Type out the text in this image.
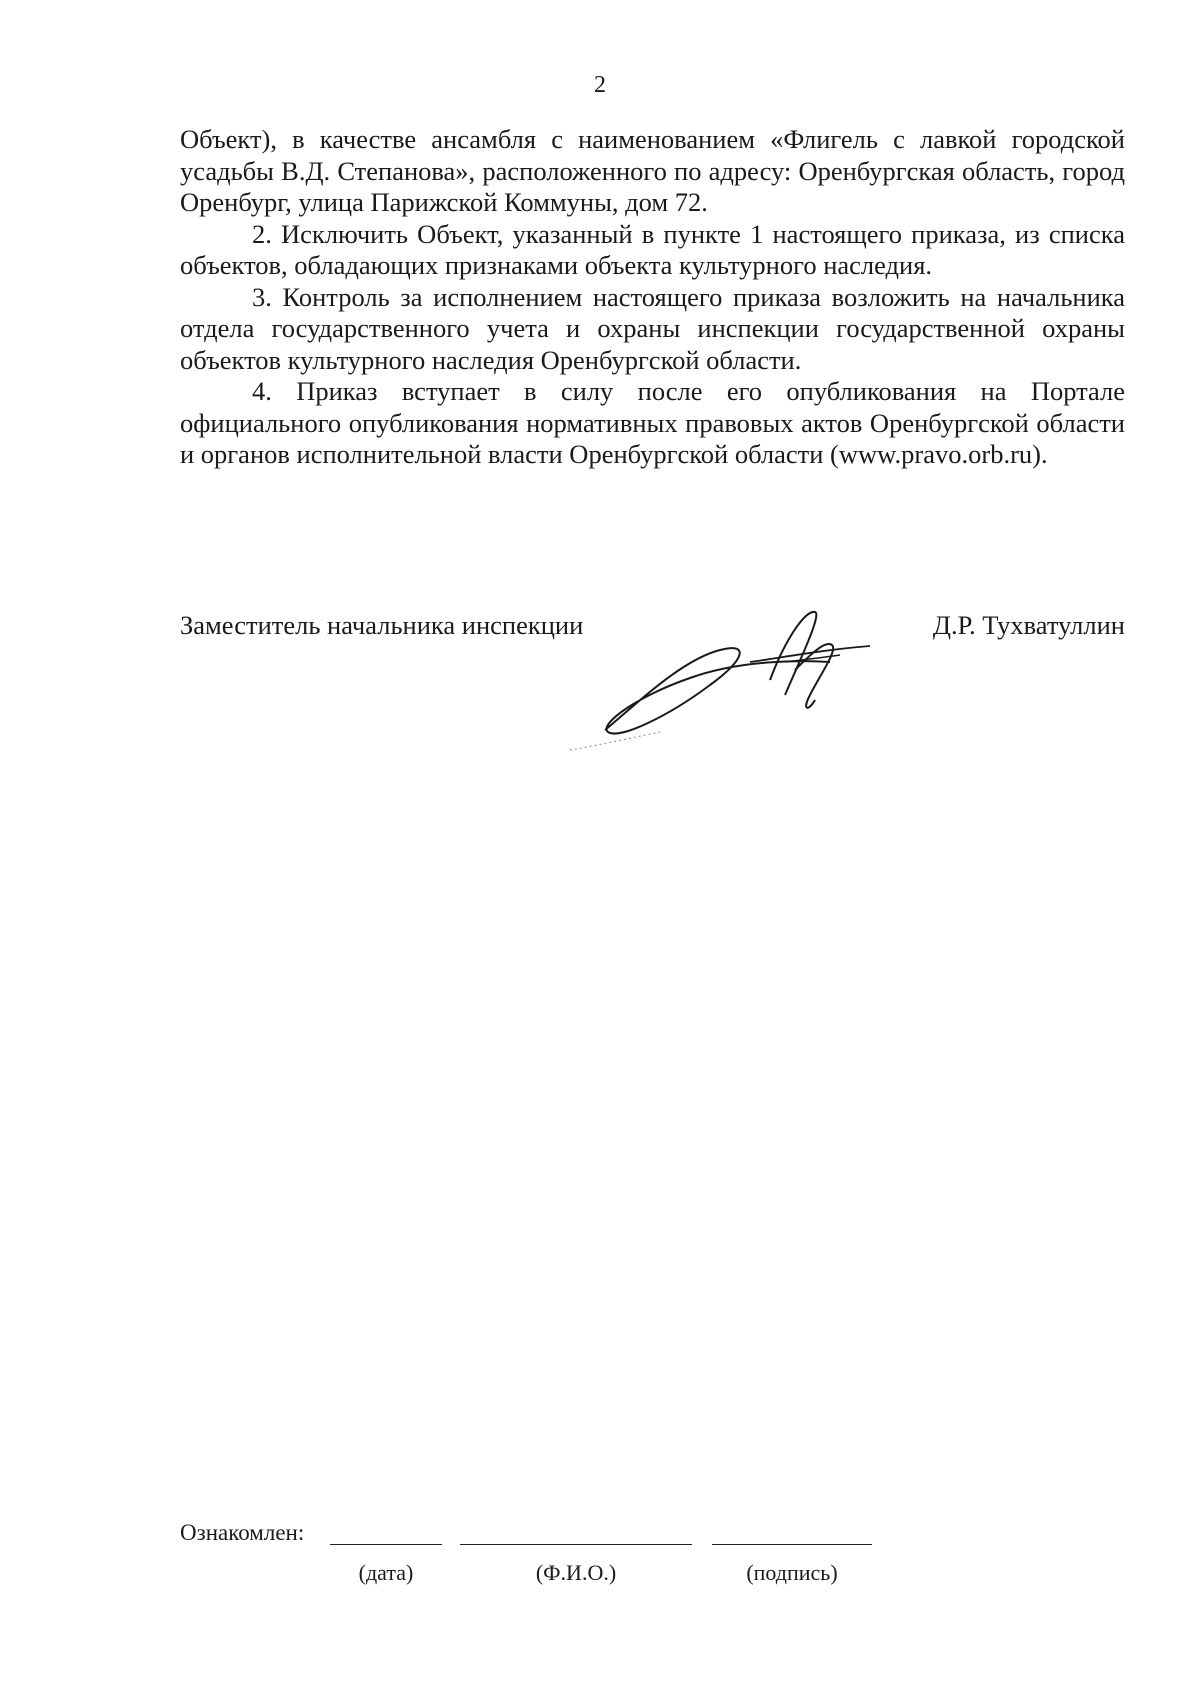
2

Объект), в качестве ансамбля с наименованием «Флигель с лавкой городской усадьбы В.Д. Степанова», расположенного по адресу: Оренбургская область, город Оренбург, улица Парижской Коммуны, дом 72.

2. Исключить Объект, указанный в пункте 1 настоящего приказа, из списка объектов, обладающих признаками объекта культурного наследия.

3. Контроль за исполнением настоящего приказа возложить на начальника отдела государственного учета и охраны инспекции государственной охраны объектов культурного наследия Оренбургской области.

4. Приказ вступает в силу после его опубликования на Портале официального опубликования нормативных правовых актов Оренбургской области и органов исполнительной власти Оренбургской области (www.pravo.orb.ru).

Заместитель начальника инспекции	Д.Р. Тухватуллин
Ознакомлен:
(дата)	(Ф.И.О.)	(подпись)
